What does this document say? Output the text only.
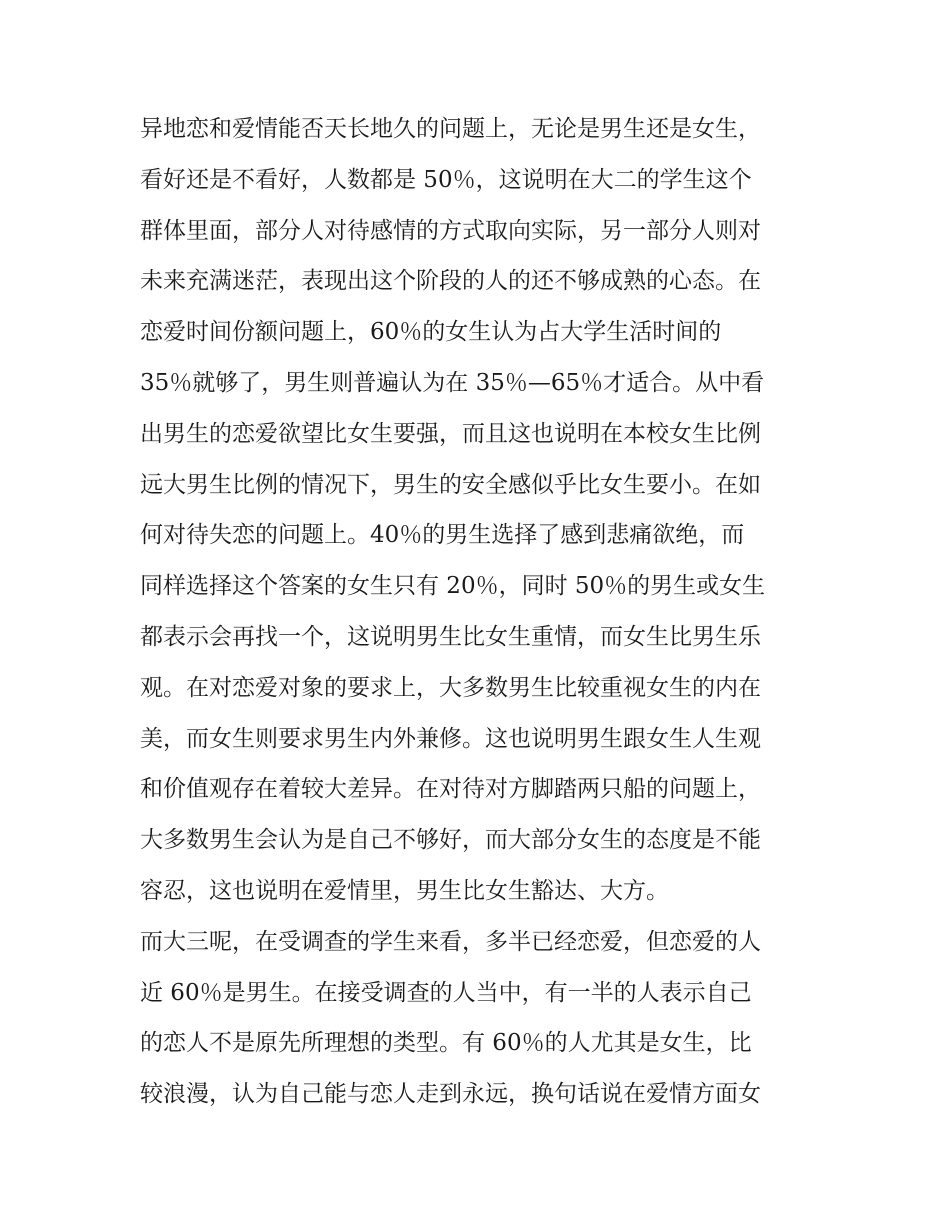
异地恋和爱情能否天长地久的问题上，无论是男生还是女生，
看好还是不看好，人数都是 50％，这说明在大二的学生这个
群体里面，部分人对待感情的方式取向实际，另一部分人则对
未来充满迷茫，表现出这个阶段的人的还不够成熟的心态。在
恋爱时间份额问题上，60％的女生认为占大学生活时间的
35％就够了，男生则普遍认为在 35％—65％才适合。从中看
出男生的恋爱欲望比女生要强，而且这也说明在本校女生比例
远大男生比例的情况下，男生的安全感似乎比女生要小。在如
何对待失恋的问题上。40％的男生选择了感到悲痛欲绝，而
同样选择这个答案的女生只有 20％，同时 50％的男生或女生
都表示会再找一个，这说明男生比女生重情，而女生比男生乐
观。在对恋爱对象的要求上，大多数男生比较重视女生的内在
美，而女生则要求男生内外兼修。这也说明男生跟女生人生观
和价值观存在着较大差异。在对待对方脚踏两只船的问题上，
大多数男生会认为是自己不够好，而大部分女生的态度是不能
容忍，这也说明在爱情里，男生比女生豁达、大方。
而大三呢，在受调查的学生来看，多半已经恋爱，但恋爱的人
近 60％是男生。在接受调查的人当中，有一半的人表示自己
的恋人不是原先所理想的类型。有 60％的人尤其是女生，比
较浪漫，认为自己能与恋人走到永远，换句话说在爱情方面女
